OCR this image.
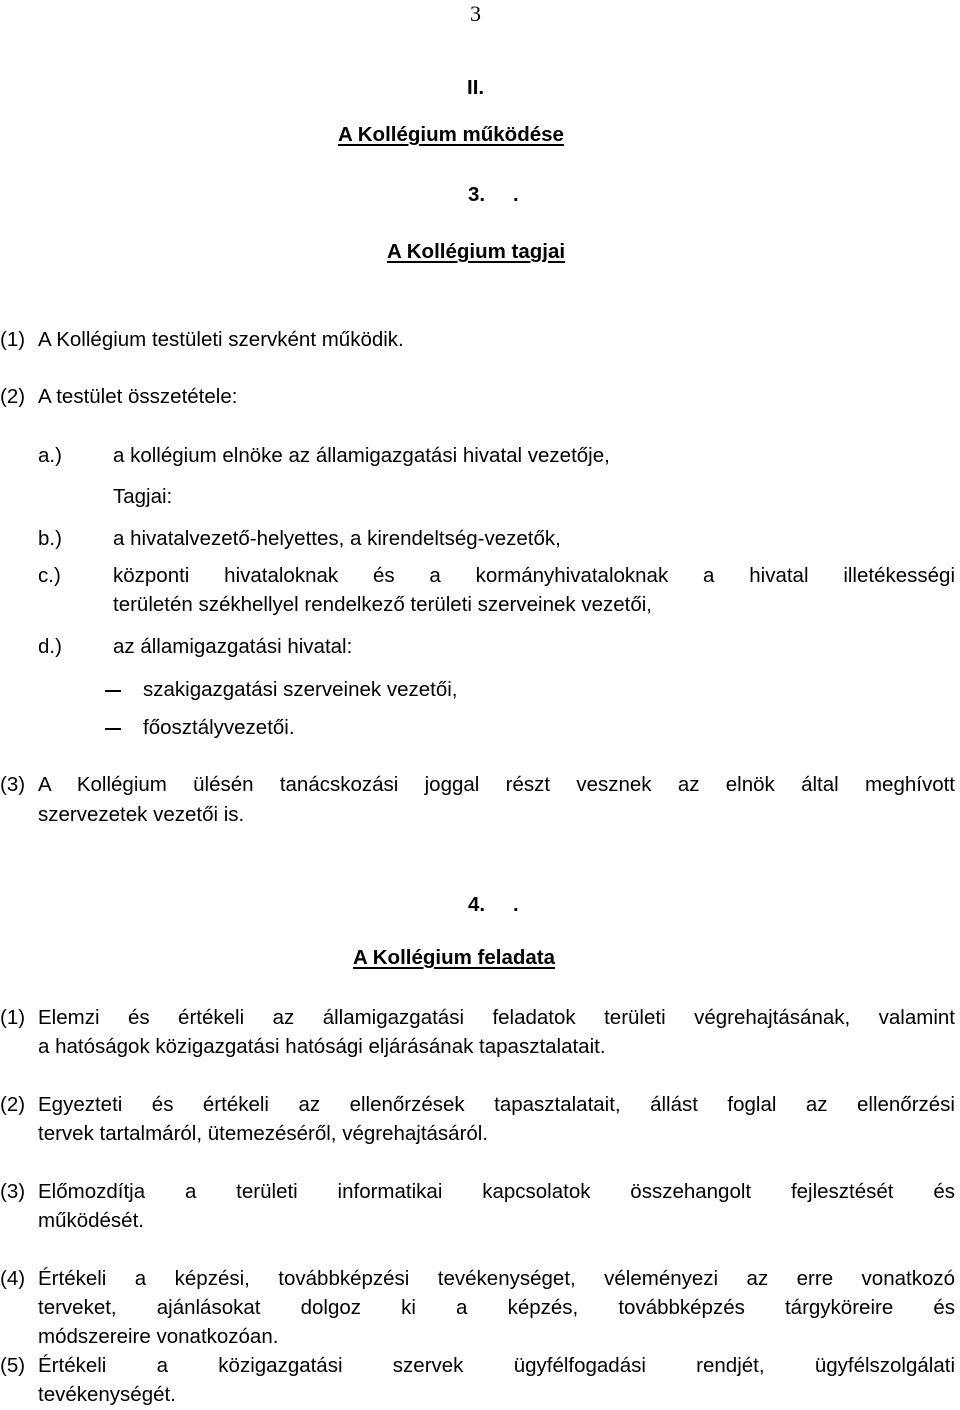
3
II.
A Kollégium működése
3. .
A Kollégium tagjai
(1) A Kollégium testületi szervként működik.
(2) A testület összetétele:
a.) a kollégium elnöke az államigazgatási hivatal vezetője,
Tagjai:
b.) a hivatalvezető-helyettes, a kirendeltség-vezetők,
c.)	központi hivataloknak és a kormányhivataloknak a hivatal illetékességi
területén székhellyel rendelkező területi szerveinek vezetői,
d.) az államigazgatási hivatal:
szakigazgatási szerveinek vezetői,
főosztályvezetői.
(3) A Kollégium ülésén tanácskozási joggal részt vesznek az elnök által meghívott
szervezetek vezetői is.
4. .
A Kollégium feladata
(1) Elemzi és értékeli az államigazgatási feladatok területi végrehajtásának, valamint
a hatóságok közigazgatási hatósági eljárásának tapasztalatait.
(2) Egyezteti és értékeli az ellenőrzések tapasztalatait, állást foglal az ellenőrzési
tervek tartalmáról, ütemezéséről, végrehajtásáról.
(3) Előmozdítja a területi informatikai kapcsolatok összehangolt fejlesztését és
működését.
(4) Értékeli a képzési, továbbképzési tevékenységet, véleményezi az erre vonatkozó
terveket, ajánlásokat dolgoz ki a képzés, továbbképzés tárgyköreire és
módszereire vonatkozóan.
(5) Értékeli a közigazgatási szervek ügyfélfogadási rendjét, ügyfélszolgálati
tevékenységét.
